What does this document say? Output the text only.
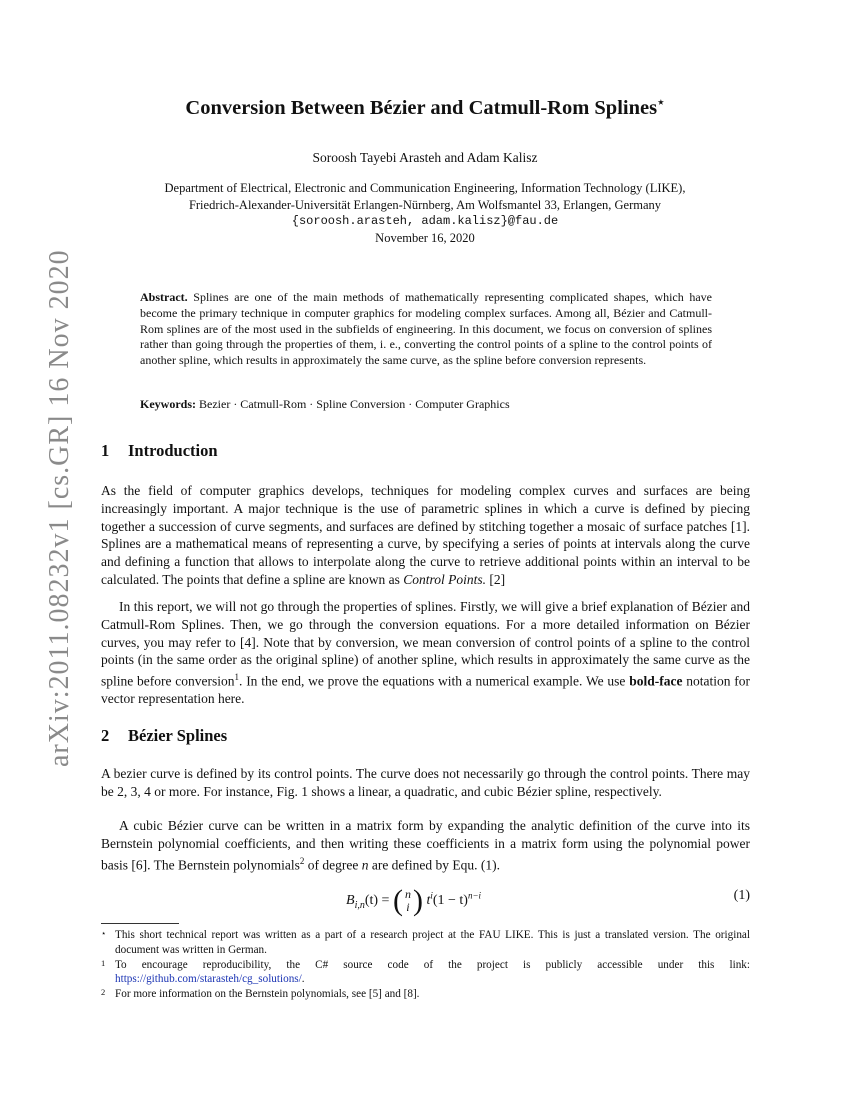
arXiv:2011.08232v1 [cs.GR] 16 Nov 2020
Conversion Between Bézier and Catmull-Rom Splines⋆
Soroosh Tayebi Arasteh and Adam Kalisz
Department of Electrical, Electronic and Communication Engineering, Information Technology (LIKE),
Friedrich-Alexander-Universität Erlangen-Nürnberg, Am Wolfsmantel 33, Erlangen, Germany
{soroosh.arasteh, adam.kalisz}@fau.de
November 16, 2020
Abstract. Splines are one of the main methods of mathematically representing complicated shapes, which have become the primary technique in computer graphics for modeling complex surfaces. Among all, Bézier and Catmull-Rom splines are of the most used in the subfields of engineering. In this document, we focus on conversion of splines rather than going through the properties of them, i. e., converting the control points of a spline to the control points of another spline, which results in approximately the same curve, as the spline before conversion represents.
Keywords: Bezier · Catmull-Rom · Spline Conversion · Computer Graphics
1 Introduction
As the field of computer graphics develops, techniques for modeling complex curves and surfaces are being increasingly important. A major technique is the use of parametric splines in which a curve is defined by piecing together a succession of curve segments, and surfaces are defined by stitching together a mosaic of surface patches [1]. Splines are a mathematical means of representing a curve, by specifying a series of points at intervals along the curve and defining a function that allows to interpolate along the curve to retrieve additional points within an interval to be calculated. The points that define a spline are known as Control Points. [2]
In this report, we will not go through the properties of splines. Firstly, we will give a brief explanation of Bézier and Catmull-Rom Splines. Then, we go through the conversion equations. For a more detailed information on Bézier curves, you may refer to [4]. Note that by conversion, we mean conversion of control points of a spline to the control points (in the same order as the original spline) of another spline, which results in approximately the same curve as the spline before conversion$^1$. In the end, we prove the equations with a numerical example. We use bold-face notation for vector representation here.
2 Bézier Splines
A bezier curve is defined by its control points. The curve does not necessarily go through the control points. There may be 2, 3, 4 or more. For instance, Fig. 1 shows a linear, a quadratic, and cubic Bézier spline, respectively.
A cubic Bézier curve can be written in a matrix form by expanding the analytic definition of the curve into its Bernstein polynomial coefficients, and then writing these coefficients in a matrix form using the polynomial power basis [6]. The Bernstein polynomials$^2$ of degree n are defined by Equ. (1).
$B_{i,n}(t)$ = ( n
i ) $t^i(1 - t)^{n-i}$	(1)
⋆ This short technical report was written as a part of a research project at the FAU LIKE. This is just a translated version. The original document was written in German.
1 To encourage reproducibility, the C# source code of the project is publicly accessible under this link: https://github.com/starasteh/cg_solutions/.
2 For more information on the Bernstein polynomials, see [5] and [8].
